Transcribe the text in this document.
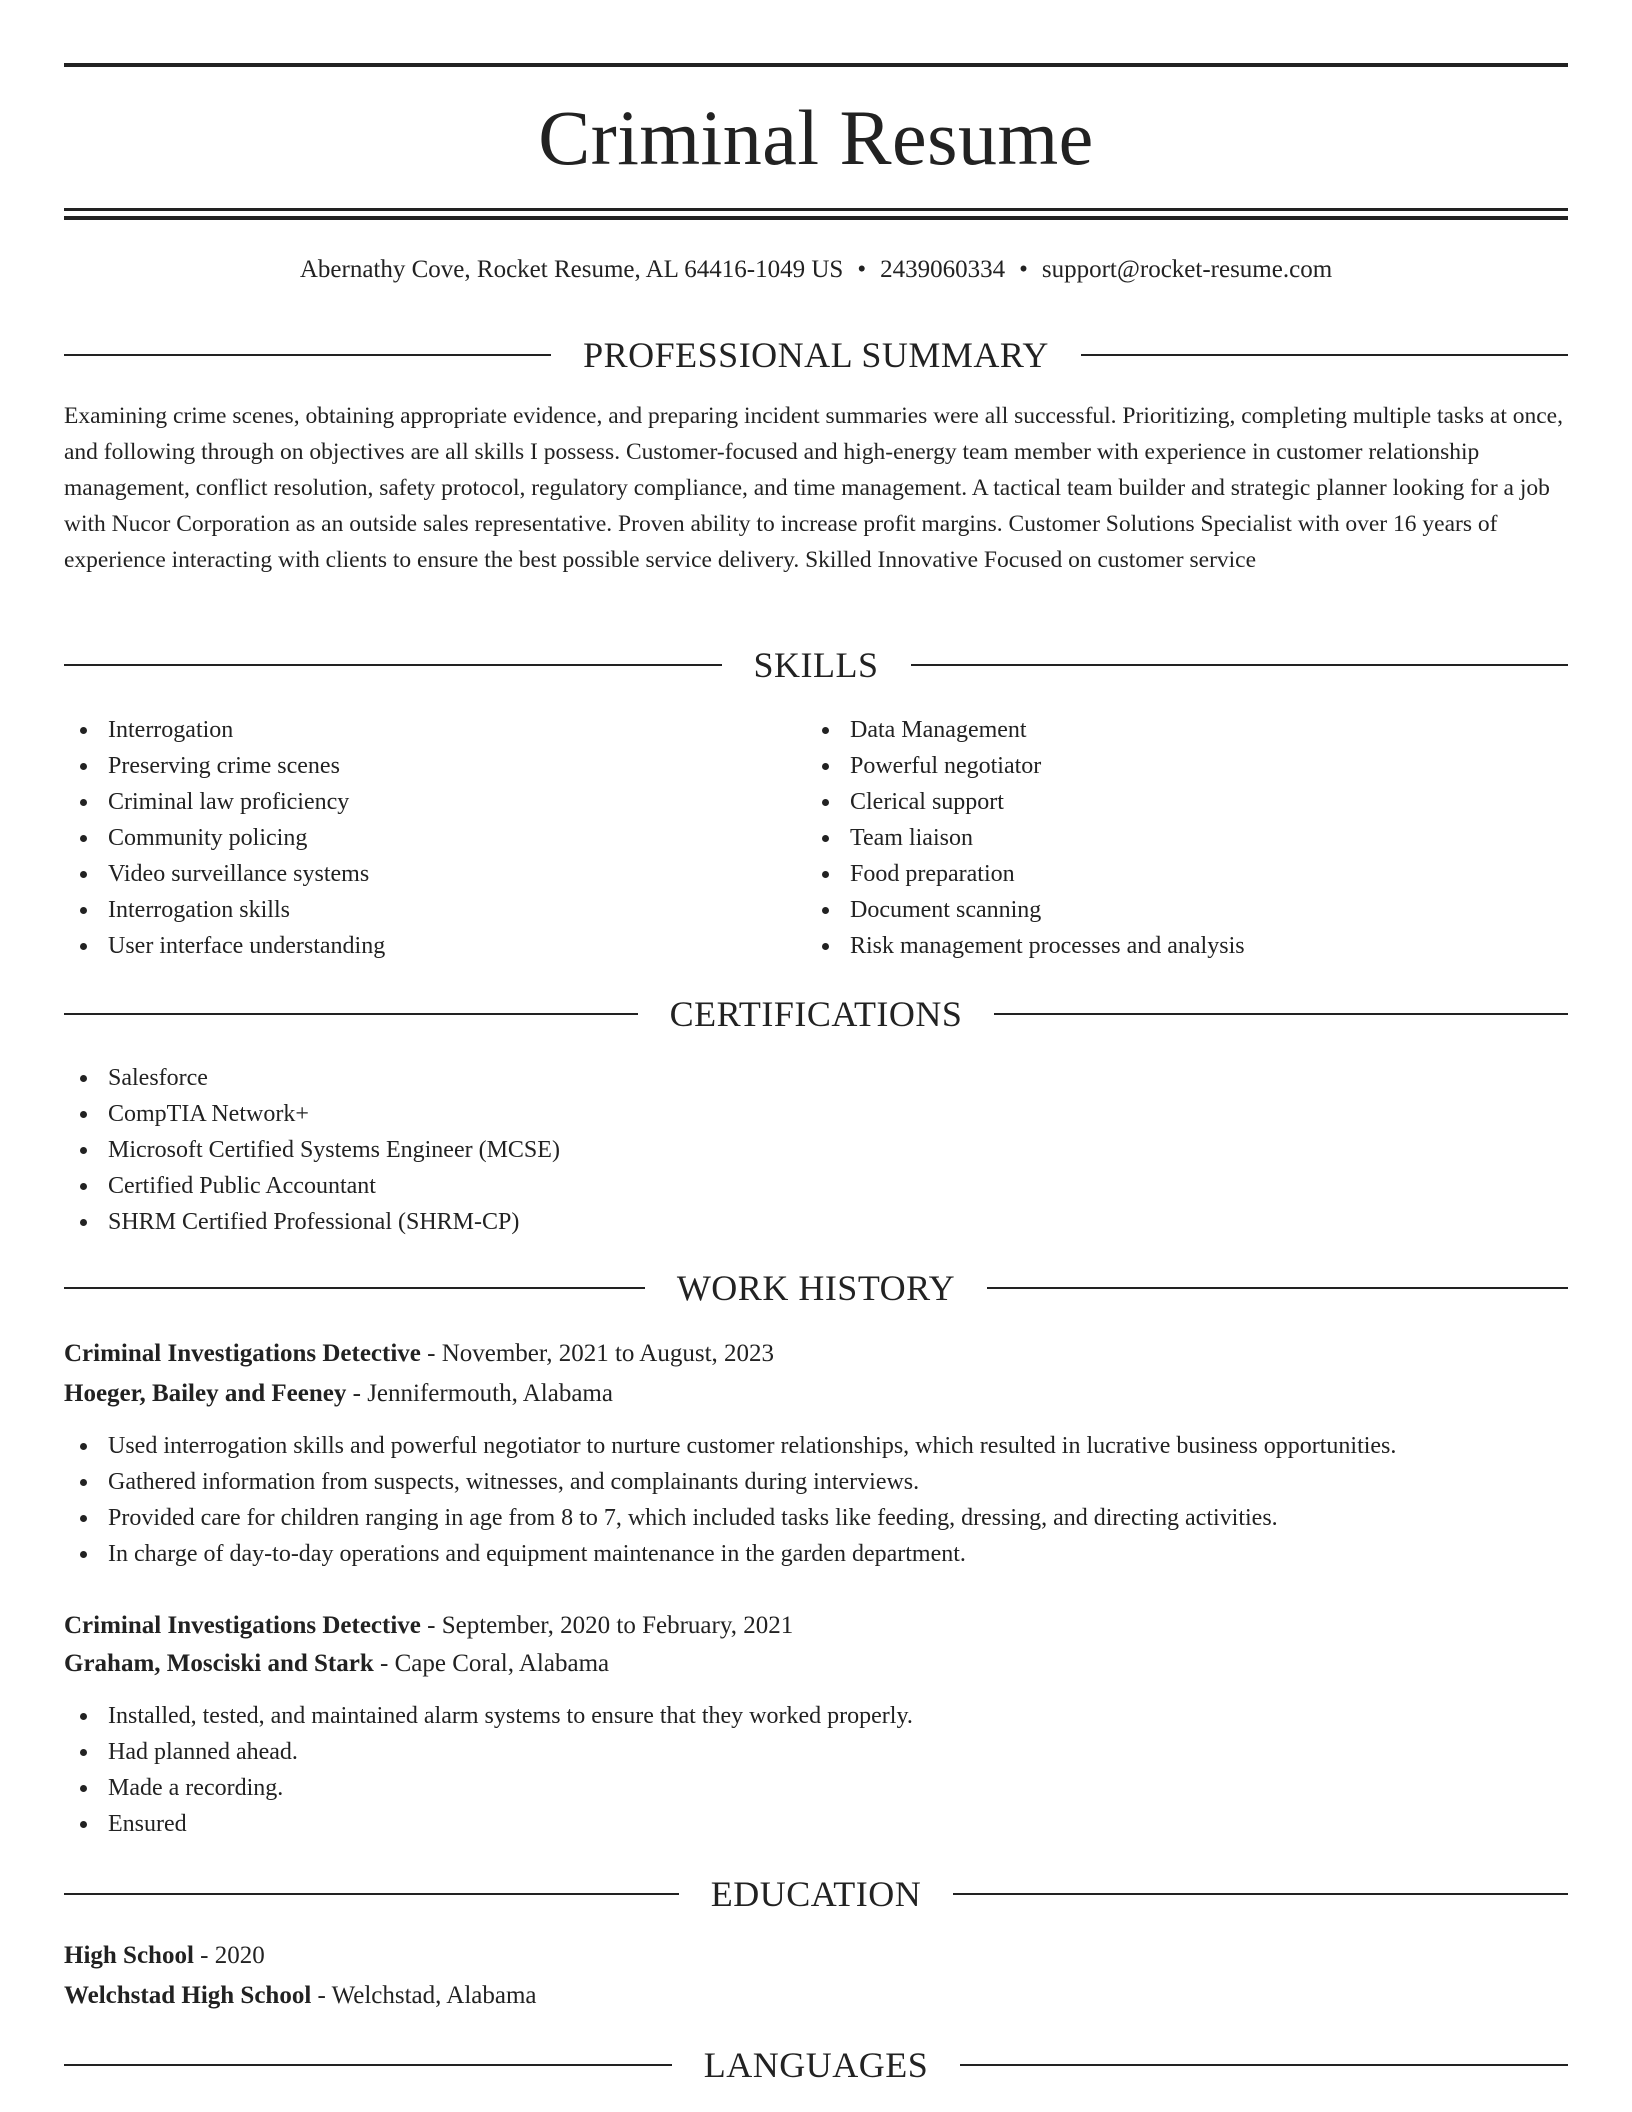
Criminal Resume
Abernathy Cove, Rocket Resume, AL 64416-1049 US • 2439060334 • support@rocket-resume.com
PROFESSIONAL SUMMARY

Examining crime scenes, obtaining appropriate evidence, and preparing incident summaries were all successful. Prioritizing, completing multiple tasks at once, and following through on objectives are all skills I possess. Customer-focused and high-energy team member with experience in customer relationship management, conflict resolution, safety protocol, regulatory compliance, and time management. A tactical team builder and strategic planner looking for a job with Nucor Corporation as an outside sales representative. Proven ability to increase profit margins. Customer Solutions Specialist with over 16 years of experience interacting with clients to ensure the best possible service delivery. Skilled Innovative Focused on customer service

SKILLS
Interrogation
Preserving crime scenes
Criminal law proficiency
Community policing
Video surveillance systems
Interrogation skills
User interface understanding
Data Management
Powerful negotiator
Clerical support
Team liaison
Food preparation
Document scanning
Risk management processes and analysis
CERTIFICATIONS
Salesforce
CompTIA Network+
Microsoft Certified Systems Engineer (MCSE)
Certified Public Accountant
SHRM Certified Professional (SHRM-CP)
WORK HISTORY
Criminal Investigations Detective - November, 2021 to August, 2023
Hoeger, Bailey and Feeney - Jennifermouth, Alabama
Used interrogation skills and powerful negotiator to nurture customer relationships, which resulted in lucrative business opportunities.
Gathered information from suspects, witnesses, and complainants during interviews.
Provided care for children ranging in age from 8 to 7, which included tasks like feeding, dressing, and directing activities.
In charge of day-to-day operations and equipment maintenance in the garden department.
Criminal Investigations Detective - September, 2020 to February, 2021
Graham, Mosciski and Stark - Cape Coral, Alabama
Installed, tested, and maintained alarm systems to ensure that they worked properly.
Had planned ahead.
Made a recording.
Ensured
EDUCATION
High School - 2020
Welchstad High School - Welchstad, Alabama
LANGUAGES
